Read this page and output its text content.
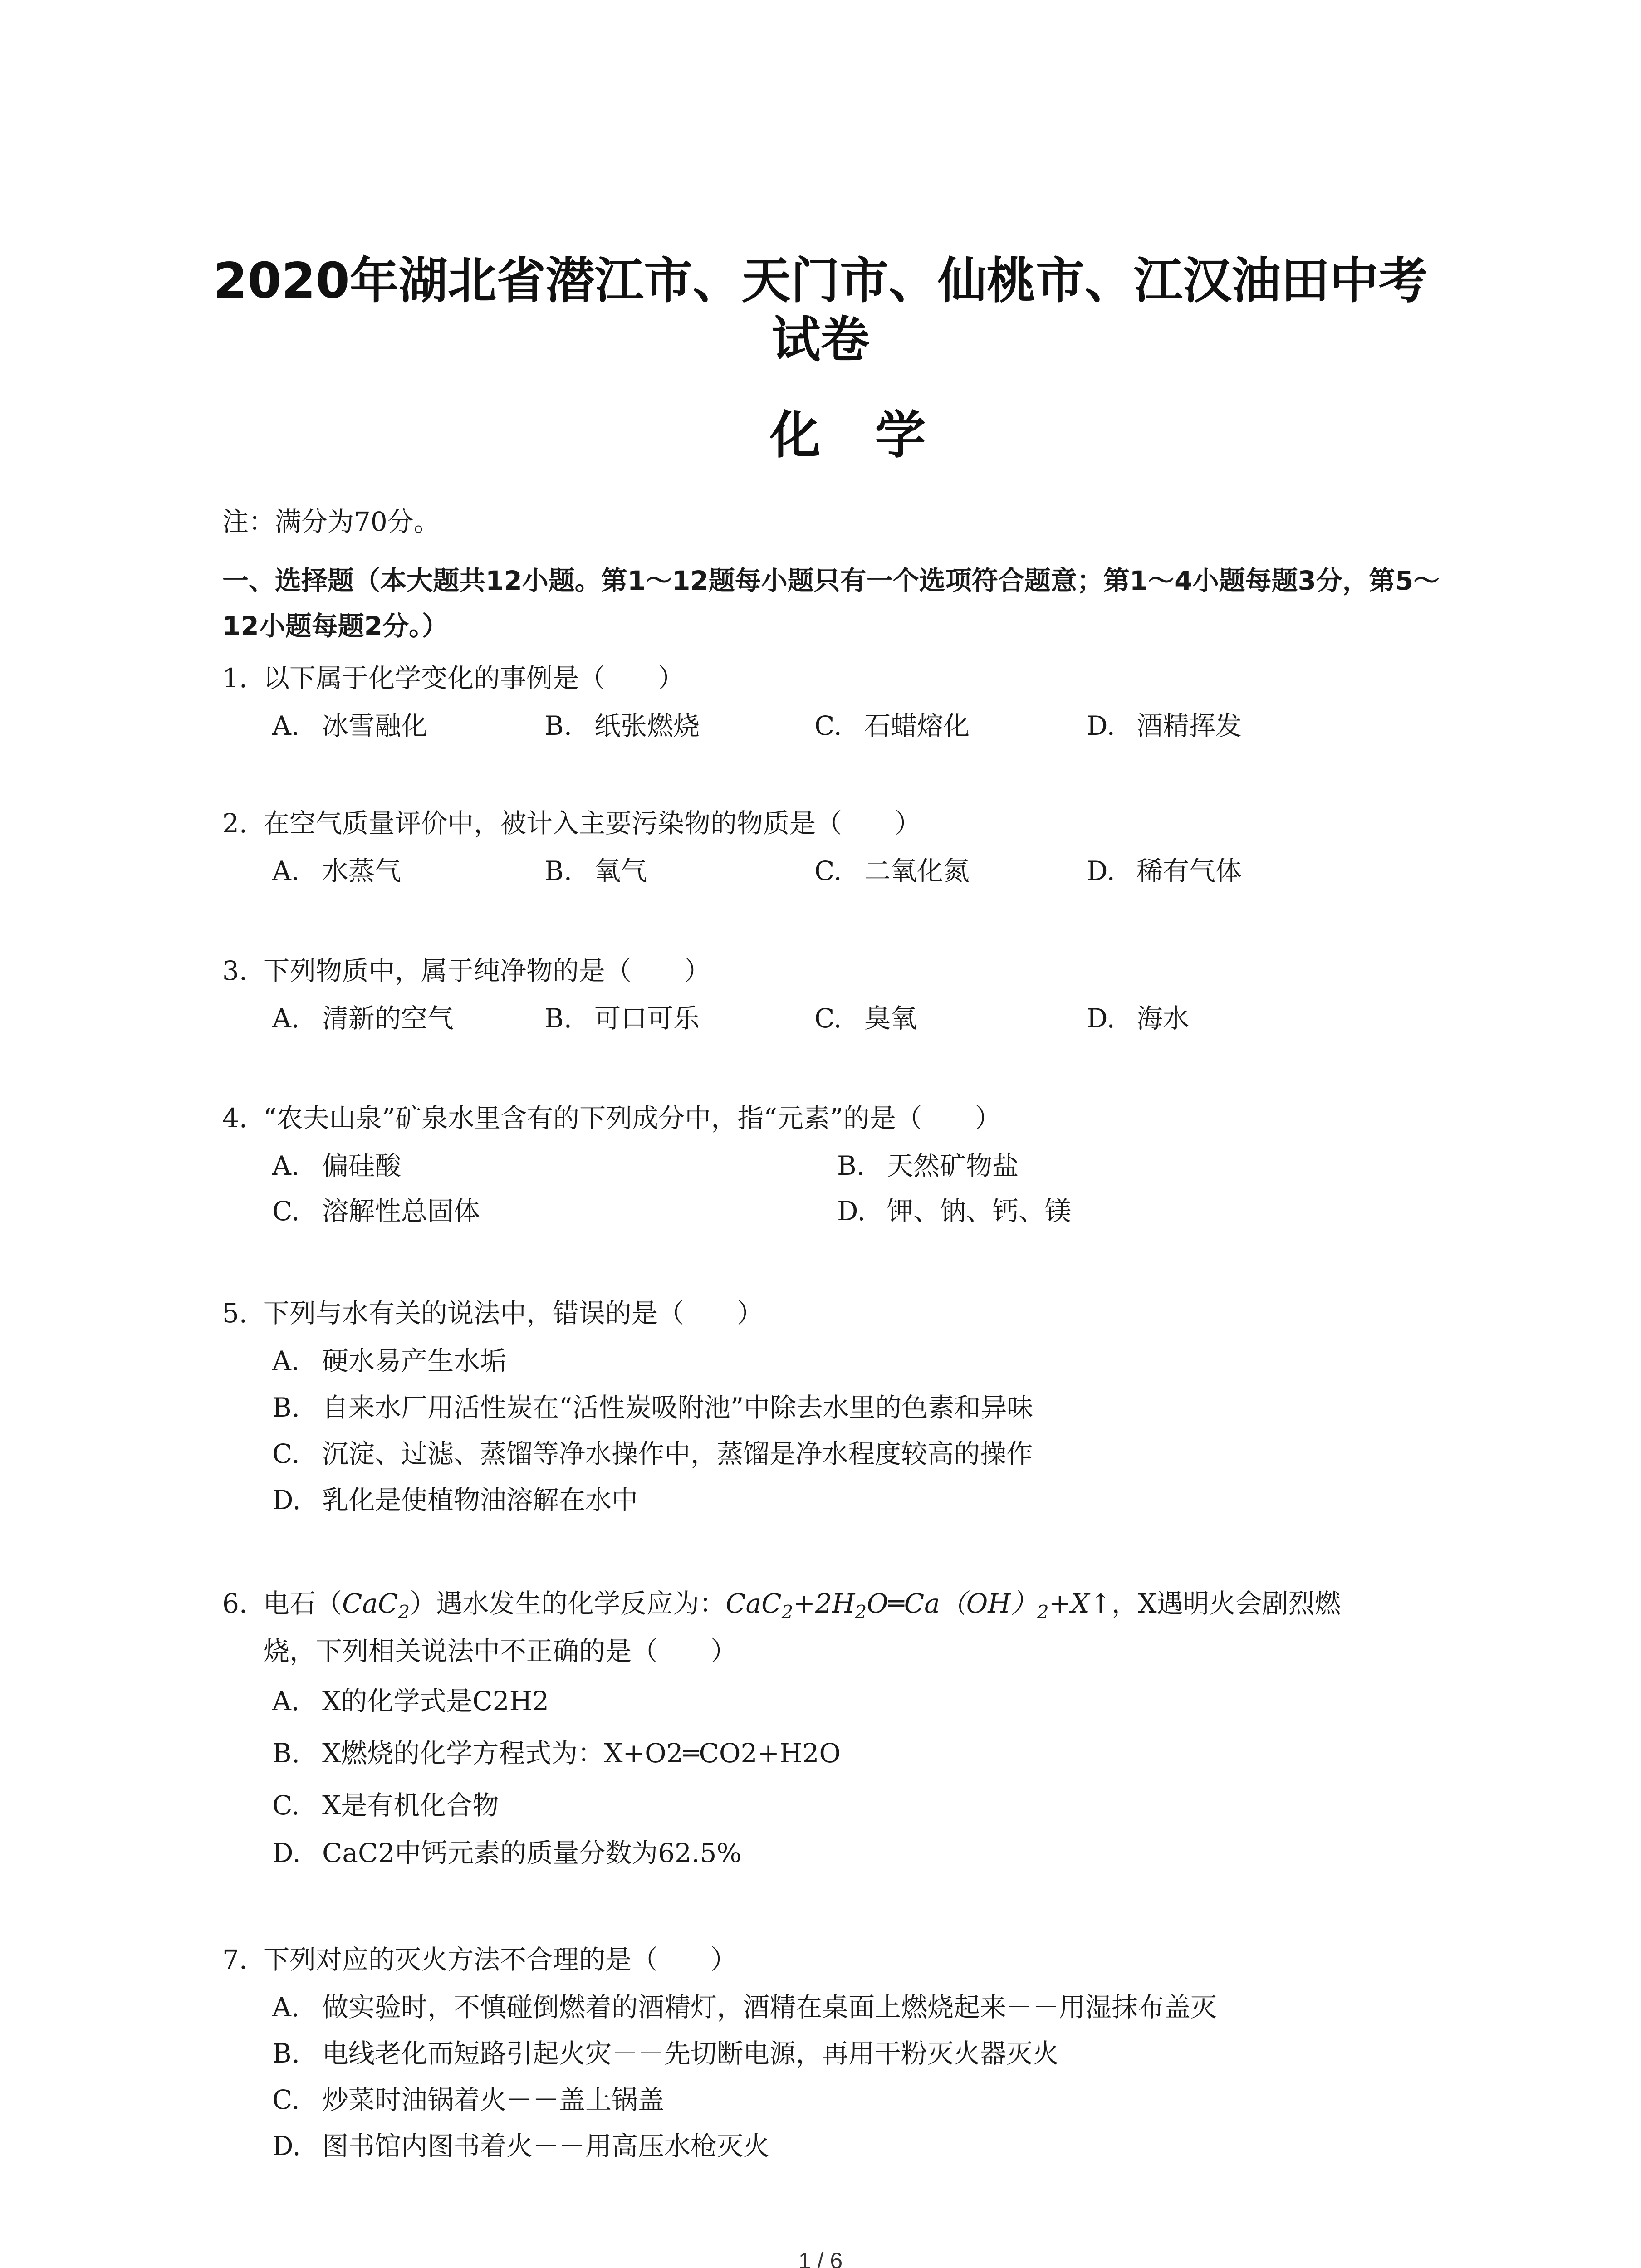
2020年湖北省潜江市、天门市、仙桃市、江汉油田中考
试卷
化学
注：满分为70分。
一、选择题（本大题共12小题。第1～12题每小题只有一个选项符合题意；第1～4小题每题3分，第5～12小题每题2分。）
1. 以下属于化学变化的事例是（　　）
A. 冰雪融化	B. 纸张燃烧	C. 石蜡熔化	D. 酒精挥发
2. 在空气质量评价中，被计入主要污染物的物质是（　　）
A. 水蒸气	B. 氧气	C. 二氧化氮	D. 稀有气体
3. 下列物质中，属于纯净物的是（　　）
A. 清新的空气	B. 可口可乐	C. 臭氧	D. 海水
4. “农夫山泉”矿泉水里含有的下列成分中，指“元素”的是（　　）
A. 偏硅酸	B. 天然矿物盐
C. 溶解性总固体	D. 钾、钠、钙、镁
5. 下列与水有关的说法中，错误的是（　　）
A. 硬水易产生水垢
B. 自来水厂用活性炭在“活性炭吸附池”中除去水里的色素和异味
C. 沉淀、过滤、蒸馏等净水操作中，蒸馏是净水程度较高的操作
D. 乳化是使植物油溶解在水中
6. 电石（CaC$_2$）遇水发生的化学反应为：$CaC_2+2H_2O═Ca(OH)_2+X↑$，X遇明火会剧烈燃
烧，下列相关说法中不正确的是（　　）
A. X的化学式是C2H2
B. X燃烧的化学方程式为：X+O2═CO2+H2O
C. X是有机化合物
D. CaC2中钙元素的质量分数为62.5%
7. 下列对应的灭火方法不合理的是（　　）
A. 做实验时，不慎碰倒燃着的酒精灯，酒精在桌面上燃烧起来－－用湿抹布盖灭
B. 电线老化而短路引起火灾－－先切断电源，再用干粉灭火器灭火
C. 炒菜时油锅着火－－盖上锅盖
D. 图书馆内图书着火－－用高压水枪灭火
1 / 6
